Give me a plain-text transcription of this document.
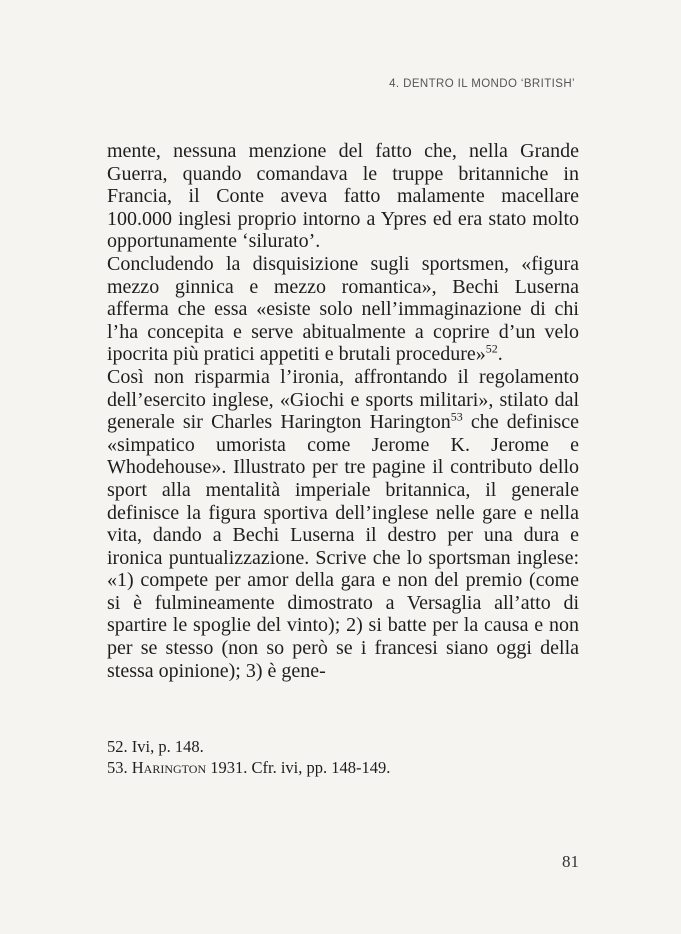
4. DENTRO IL MONDO ‘BRITISH’

mente, nessuna menzione del fatto che, nella Grande Guerra, quando comandava le truppe britanniche in Francia, il Conte aveva fatto malamente macellare 100.000 inglesi proprio intorno a Ypres ed era stato molto opportunamente ‘silurato’.

Concludendo la disquisizione sugli sportsmen, «figura mezzo ginnica e mezzo romantica», Bechi Luserna afferma che essa «esiste solo nell’immaginazione di chi l’ha concepita e serve abitualmente a coprire d’un velo ipocrita più pratici appetiti e brutali procedure»$^{52}$.

Così non risparmia l’ironia, affrontando il regolamento dell’esercito inglese, «Giochi e sports militari», stilato dal generale sir Charles Harington Harington$^{53}$ che definisce «simpatico umorista come Jerome K. Jerome e Whodehouse». Illustrato per tre pagine il contributo dello sport alla mentalità imperiale britannica, il generale definisce la figura sportiva dell’inglese nelle gare e nella vita, dando a Bechi Luserna il destro per una dura e ironica puntualizzazione. Scrive che lo sportsman inglese: «1) compete per amor della gara e non del premio (come si è fulmineamente dimostrato a Versaglia all’atto di spartire le spoglie del vinto); 2) si batte per la causa e non per se stesso (non so però se i francesi siano oggi della stessa opinione); 3) è gene-

52. Ivi, p. 148.

53. Harington 1931. Cfr. ivi, pp. 148-149.

81
